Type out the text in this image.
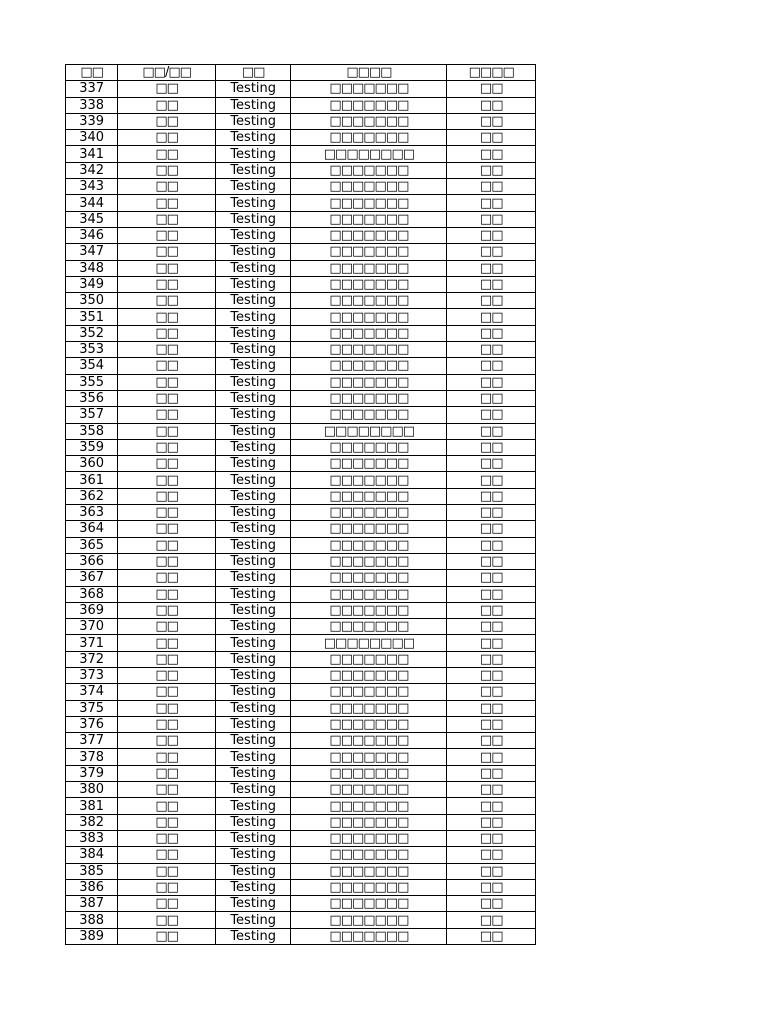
□□	□□/□□	□□	□□□□	□□□□
337	□□	Testing	□□□□□□□	□□
338	□□	Testing	□□□□□□□	□□
339	□□	Testing	□□□□□□□	□□
340	□□	Testing	□□□□□□□	□□
341	□□	Testing	□□□□□□□□	□□
342	□□	Testing	□□□□□□□	□□
343	□□	Testing	□□□□□□□	□□
344	□□	Testing	□□□□□□□	□□
345	□□	Testing	□□□□□□□	□□
346	□□	Testing	□□□□□□□	□□
347	□□	Testing	□□□□□□□	□□
348	□□	Testing	□□□□□□□	□□
349	□□	Testing	□□□□□□□	□□
350	□□	Testing	□□□□□□□	□□
351	□□	Testing	□□□□□□□	□□
352	□□	Testing	□□□□□□□	□□
353	□□	Testing	□□□□□□□	□□
354	□□	Testing	□□□□□□□	□□
355	□□	Testing	□□□□□□□	□□
356	□□	Testing	□□□□□□□	□□
357	□□	Testing	□□□□□□□	□□
358	□□	Testing	□□□□□□□□	□□
359	□□	Testing	□□□□□□□	□□
360	□□	Testing	□□□□□□□	□□
361	□□	Testing	□□□□□□□	□□
362	□□	Testing	□□□□□□□	□□
363	□□	Testing	□□□□□□□	□□
364	□□	Testing	□□□□□□□	□□
365	□□	Testing	□□□□□□□	□□
366	□□	Testing	□□□□□□□	□□
367	□□	Testing	□□□□□□□	□□
368	□□	Testing	□□□□□□□	□□
369	□□	Testing	□□□□□□□	□□
370	□□	Testing	□□□□□□□	□□
371	□□	Testing	□□□□□□□□	□□
372	□□	Testing	□□□□□□□	□□
373	□□	Testing	□□□□□□□	□□
374	□□	Testing	□□□□□□□	□□
375	□□	Testing	□□□□□□□	□□
376	□□	Testing	□□□□□□□	□□
377	□□	Testing	□□□□□□□	□□
378	□□	Testing	□□□□□□□	□□
379	□□	Testing	□□□□□□□	□□
380	□□	Testing	□□□□□□□	□□
381	□□	Testing	□□□□□□□	□□
382	□□	Testing	□□□□□□□	□□
383	□□	Testing	□□□□□□□	□□
384	□□	Testing	□□□□□□□	□□
385	□□	Testing	□□□□□□□	□□
386	□□	Testing	□□□□□□□	□□
387	□□	Testing	□□□□□□□	□□
388	□□	Testing	□□□□□□□	□□
389	□□	Testing	□□□□□□□	□□
